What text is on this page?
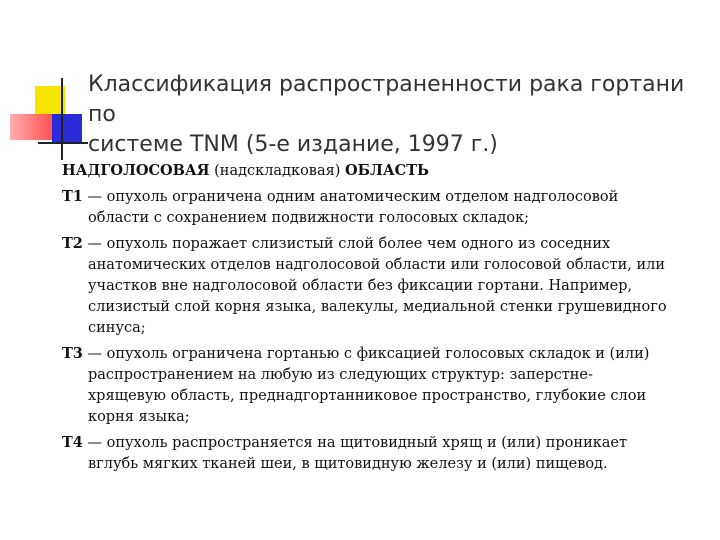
Классификация распространенности рака гортани по
системе TNM (5-е издание, 1997 г.)

НАДГОЛОСОВАЯ (надскладковая) ОБЛАСТЬ

T1 — опухоль ограничена одним анатомическим отделом надголосовой
области с сохранением подвижности голосовых складок;
T2 — опухоль поражает слизистый слой более чем одного из соседних
анатомических отделов надголосовой области или голосовой области, или
участков вне надголосовой области без фиксации гортани. Например,
слизистый слой корня языка, валекулы, медиальной стенки грушевидного
синуса;
T3 — опухоль ограничена гортанью с фиксацией голосовых складок и (или)
распространением на любую из следующих структур: заперстне-
хрящевую область, преднадгортанниковое пространство, глубокие слои
корня языка;
T4 — опухоль распространяется на щитовидный хрящ и (или) проникает
вглубь мягких тканей шеи, в щитовидную железу и (или) пищевод.
